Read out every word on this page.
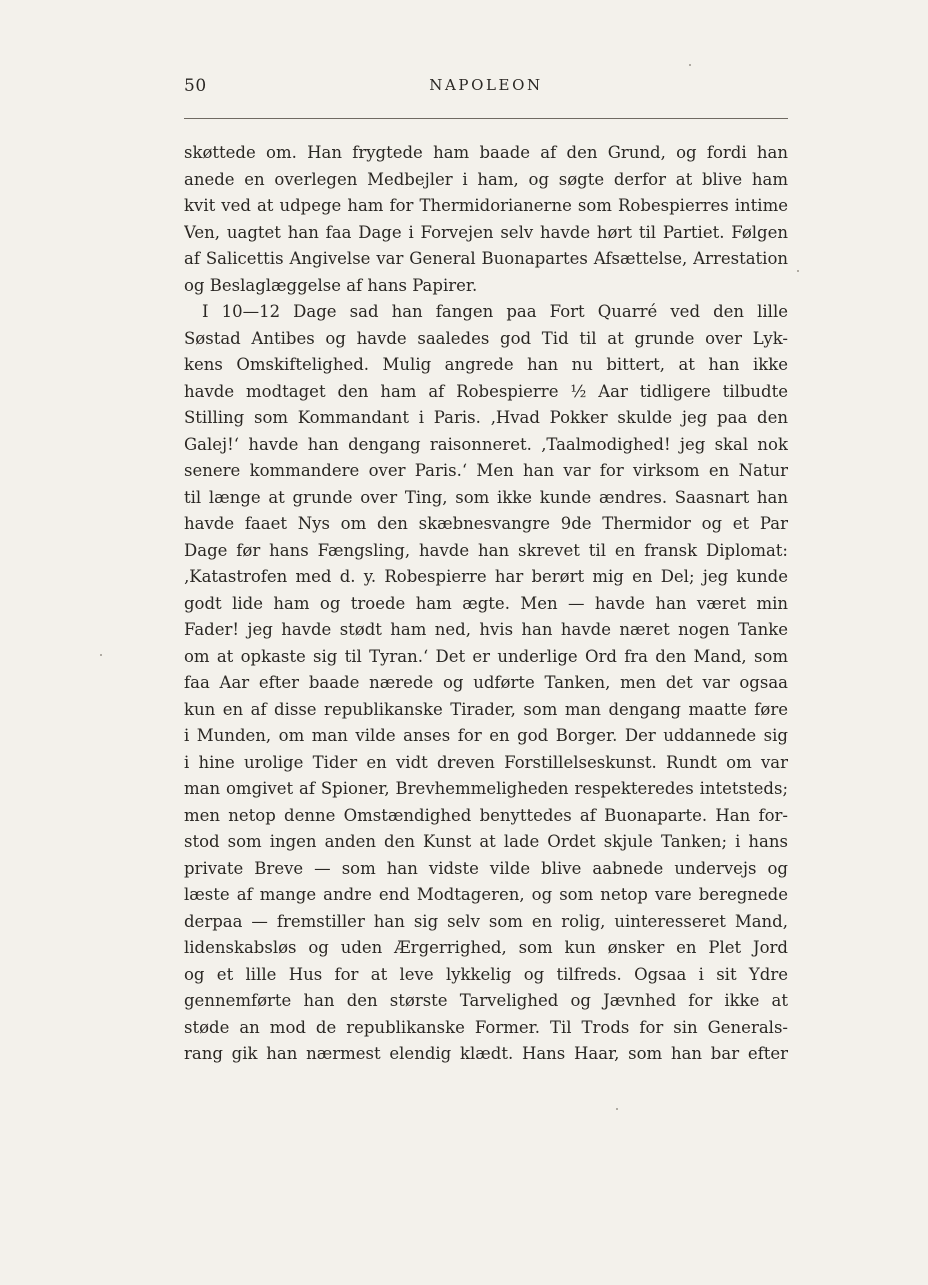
50	NAPOLEON
skøttede om. Han frygtede ham baade af den Grund, og fordi han
anede en overlegen Medbejler i ham, og søgte derfor at blive ham
kvit ved at udpege ham for Thermidorianerne som Robespierres intime
Ven, uagtet han faa Dage i Forvejen selv havde hørt til Partiet. Følgen
af Salicettis Angivelse var General Buonapartes Afsættelse, Arrestation
og Beslaglæggelse af hans Papirer.
I 10—12 Dage sad han fangen paa Fort Quarré ved den lille
Søstad Antibes og havde saaledes god Tid til at grunde over Lyk-
kens Omskiftelighed. Mulig angrede han nu bittert, at han ikke
havde modtaget den ham af Robespierre ½ Aar tidligere tilbudte
Stilling som Kommandant i Paris. ‚Hvad Pokker skulde jeg paa den
Galej!‘ havde han dengang raisonneret. ‚Taalmodighed! jeg skal nok
senere kommandere over Paris.‘ Men han var for virksom en Natur
til længe at grunde over Ting, som ikke kunde ændres. Saasnart han
havde faaet Nys om den skæbnesvangre 9de Thermidor og et Par
Dage før hans Fængsling, havde han skrevet til en fransk Diplomat:
‚Katastrofen med d. y. Robespierre har berørt mig en Del; jeg kunde
godt lide ham og troede ham ægte. Men — havde han været min
Fader! jeg havde stødt ham ned, hvis han havde næret nogen Tanke
om at opkaste sig til Tyran.‘ Det er underlige Ord fra den Mand, som
faa Aar efter baade nærede og udførte Tanken, men det var ogsaa
kun en af disse republikanske Tirader, som man dengang maatte føre
i Munden, om man vilde anses for en god Borger. Der uddannede sig
i hine urolige Tider en vidt dreven Forstillelseskunst. Rundt om var
man omgivet af Spioner, Brevhemmeligheden respekteredes intetsteds;
men netop denne Omstændighed benyttedes af Buonaparte. Han for-
stod som ingen anden den Kunst at lade Ordet skjule Tanken; i hans
private Breve — som han vidste vilde blive aabnede undervejs og
læste af mange andre end Modtageren, og som netop vare beregnede
derpaa — fremstiller han sig selv som en rolig, uinteresseret Mand,
lidenskabsløs og uden Ærgerrighed, som kun ønsker en Plet Jord
og et lille Hus for at leve lykkelig og tilfreds. Ogsaa i sit Ydre
gennemførte han den største Tarvelighed og Jævnhed for ikke at
støde an mod de republikanske Former. Til Trods for sin Generals-
rang gik han nærmest elendig klædt. Hans Haar, som han bar efter
